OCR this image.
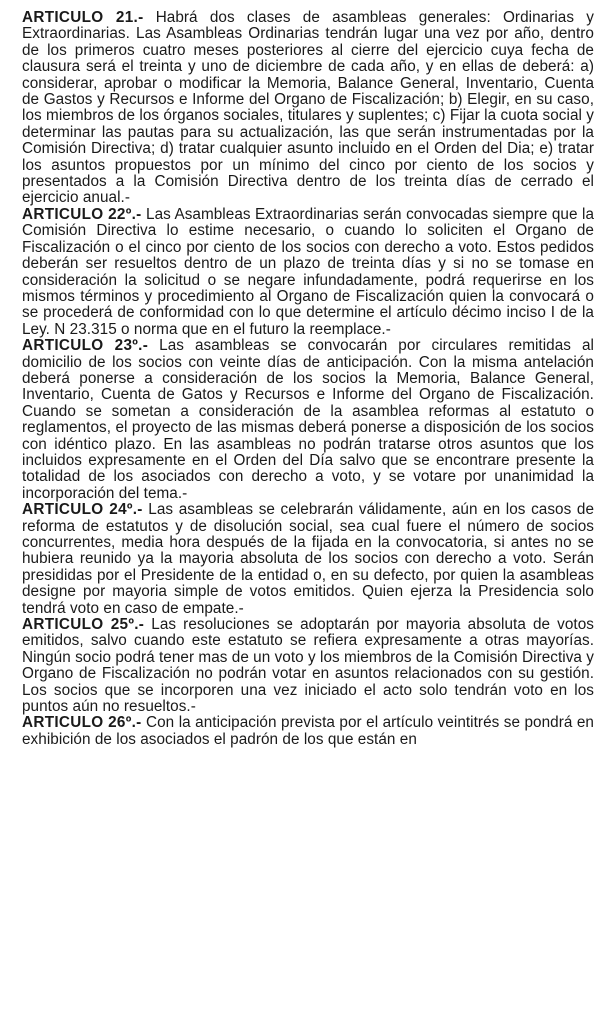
ARTICULO 21.- Habrá dos clases de asambleas generales: Ordinarias y Extraordinarias. Las Asambleas Ordinarias tendrán lugar una vez por año, dentro de los primeros cuatro meses posteriores al cierre del ejercicio cuya fecha de clausura será el treinta y uno de diciembre de cada año, y en ellas de deberá: a) considerar, aprobar o modificar la Memoria, Balance General, Inventario, Cuenta de Gastos y Recursos e Informe del Organo de Fiscalización; b) Elegir, en su caso, los miembros de los órganos sociales, titulares y suplentes; c) Fijar la cuota social y determinar las pautas para su actualización, las que serán instrumentadas por la Comisión Directiva; d) tratar cualquier asunto incluido en el Orden del Dia; e) tratar los asuntos propuestos por un mínimo del cinco por ciento de los socios y presentados a la Comisión Directiva dentro de los treinta días de cerrado el ejercicio anual.-

ARTICULO 22º.- Las Asambleas Extraordinarias serán convocadas siempre que la Comisión Directiva lo estime necesario, o cuando lo soliciten el Organo de Fiscalización o el cinco por ciento de los socios con derecho a voto. Estos pedidos deberán ser resueltos dentro de un plazo de treinta días y si no se tomase en consideración la solicitud o se negare infundadamente, podrá requerirse en los mismos términos y procedimiento al Organo de Fiscalización quien la convocará o se procederá de conformidad con lo que determine el artículo décimo inciso I de la Ley. N 23.315 o norma que en el futuro la reemplace.-

ARTICULO 23º.- Las asambleas se convocarán por circulares remitidas al domicilio de los socios con veinte días de anticipación. Con la misma antelación deberá ponerse a consideración de los socios la Memoria, Balance General, Inventario, Cuenta de Gatos y Recursos e Informe del Organo de Fiscalización. Cuando se sometan a consideración de la asamblea reformas al estatuto o reglamentos, el proyecto de las mismas deberá ponerse a disposición de los socios con idéntico plazo. En las asambleas no podrán tratarse otros asuntos que los incluidos expresamente en el Orden del Día salvo que se encontrare presente la totalidad de los asociados con derecho a voto, y se votare por unanimidad la incorporación del tema.-

ARTICULO 24º.- Las asambleas se celebrarán válidamente, aún en los casos de reforma de estatutos y de disolución social, sea cual fuere el número de socios concurrentes, media hora después de la fijada en la convocatoria, si antes no se hubiera reunido ya la mayoria absoluta de los socios con derecho a voto. Serán presididas por el Presidente de la entidad o, en su defecto, por quien la asambleas designe por mayoria simple de votos emitidos. Quien ejerza la Presidencia solo tendrá voto en caso de empate.-

ARTICULO 25º.- Las resoluciones se adoptarán por mayoria absoluta de votos emitidos, salvo cuando este estatuto se refiera expresamente a otras mayorías. Ningún socio podrá tener mas de un voto y los miembros de la Comisión Directiva y Organo de Fiscalización no podrán votar en asuntos relacionados con su gestión. Los socios que se incorporen una vez iniciado el acto solo tendrán voto en los puntos aún no resueltos.-

ARTICULO 26º.- Con la anticipación prevista por el artículo veintitrés se pondrá en exhibición de los asociados el padrón de los que están en
